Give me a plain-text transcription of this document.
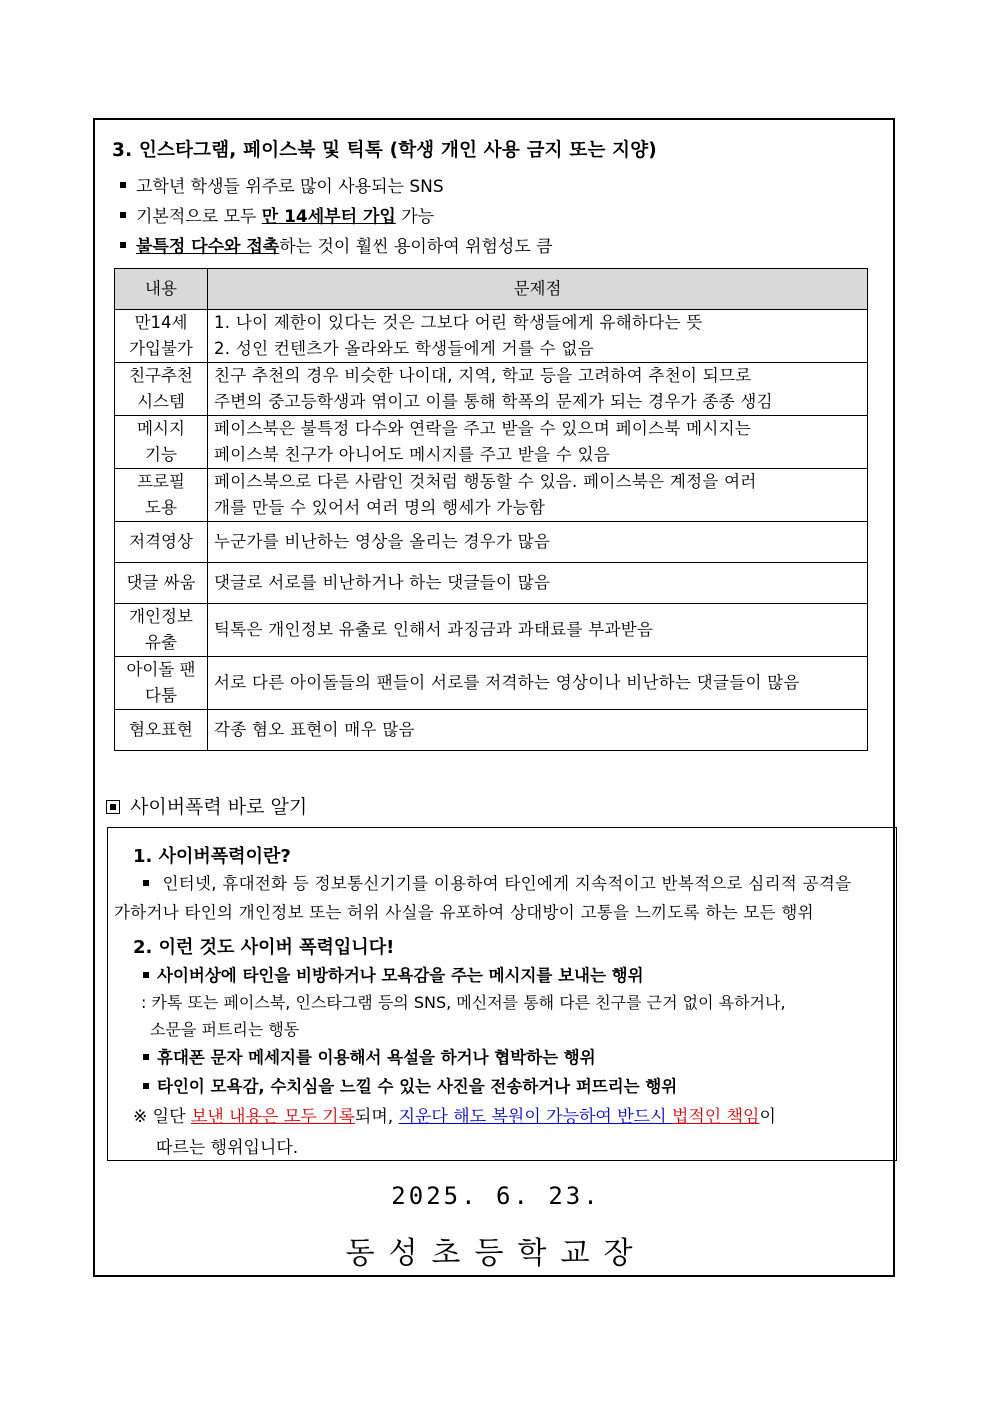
3. 인스타그램, 페이스북 및 틱톡 (학생 개인 사용 금지 또는 지양)
고학년 학생들 위주로 많이 사용되는 SNS
기본적으로 모두 만 14세부터 가입 가능
불특정 다수와 접촉하는 것이 훨씬 용이하여 위험성도 큼
내용	문제점
만14세
가입불가	1. 나이 제한이 있다는 것은 그보다 어린 학생들에게 유해하다는 뜻
2. 성인 컨텐츠가 올라와도 학생들에게 거를 수 없음
친구추천
시스템	친구 추천의 경우 비슷한 나이대, 지역, 학교 등을 고려하여 추천이 되므로
주변의 중고등학생과 엮이고 이를 통해 학폭의 문제가 되는 경우가 종종 생김
메시지
기능	페이스북은 불특정 다수와 연락을 주고 받을 수 있으며 페이스북 메시지는
페이스북 친구가 아니어도 메시지를 주고 받을 수 있음
프로필
도용	페이스북으로 다른 사람인 것처럼 행동할 수 있음. 페이스북은 계정을 여러
개를 만들 수 있어서 여러 명의 행세가 가능함
저격영상	누군가를 비난하는 영상을 올리는 경우가 많음
댓글 싸움	댓글로 서로를 비난하거나 하는 댓글들이 많음
개인정보
유출	틱톡은 개인정보 유출로 인해서 과징금과 과태료를 부과받음
아이돌 팬
다툼	서로 다른 아이돌들의 팬들이 서로를 저격하는 영상이나 비난하는 댓글들이 많음
혐오표현	각종 혐오 표현이 매우 많음
사이버폭력 바로 알기
1. 사이버폭력이란?
인터넷, 휴대전화 등 정보통신기기를 이용하여 타인에게 지속적이고 반복적으로 심리적 공격을
가하거나 타인의 개인정보 또는 허위 사실을 유포하여 상대방이 고통을 느끼도록 하는 모든 행위
2. 이런 것도 사이버 폭력입니다!
사이버상에 타인을 비방하거나 모욕감을 주는 메시지를 보내는 행위
: 카톡 또는 페이스북, 인스타그램 등의 SNS, 메신저를 통해 다른 친구를 근거 없이 욕하거나,
소문을 퍼트리는 행동
휴대폰 문자 메세지를 이용해서 욕설을 하거나 협박하는 행위
타인이 모욕감, 수치심을 느낄 수 있는 사진을 전송하거나 퍼뜨리는 행위
※ 일단 보낸 내용은 모두 기록되며, 지운다 해도 복원이 가능하여 반드시 법적인 책임이
따르는 행위입니다.
2025. 6. 23.
동성초등학교장
